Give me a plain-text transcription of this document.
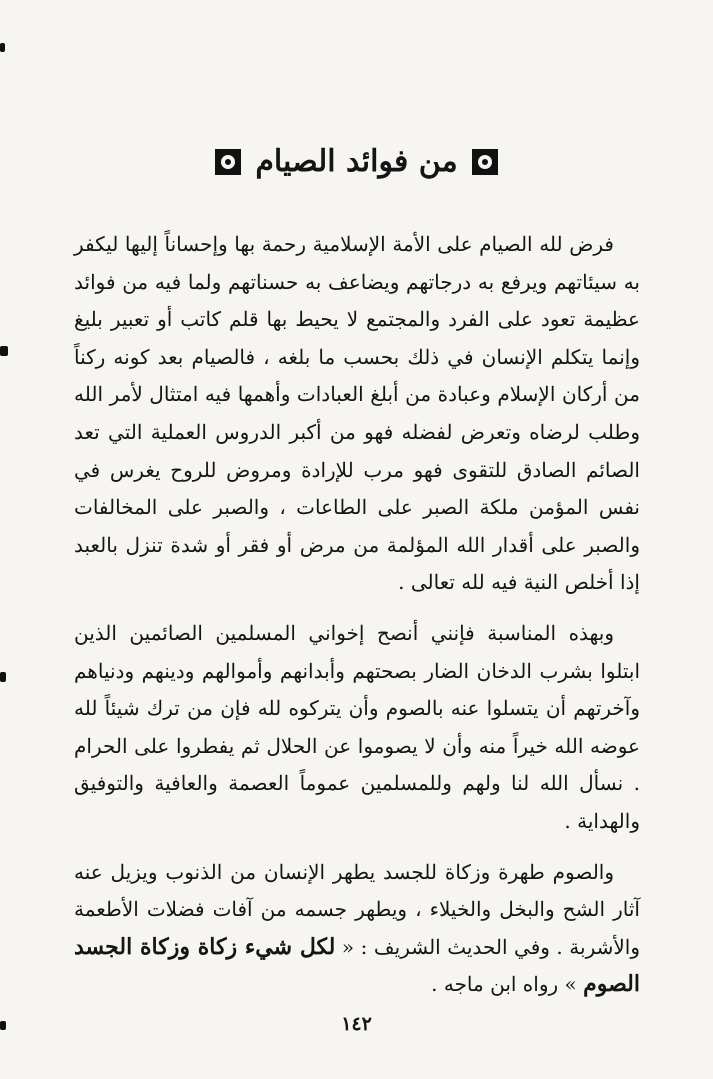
من فوائد الصيام

فرض لله الصيام على الأمة الإسلامية رحمة بها وإحساناً إليها ليكفر به سيئاتهم ويرفع به درجاتهم ويضاعف به حسناتهم ولما فيه من فوائد عظيمة تعود على الفرد والمجتمع لا يحيط بها قلم كاتب أو تعبير بليغ وإنما يتكلم الإنسان في ذلك بحسب ما بلغه ، فالصيام بعد كونه ركناً من أركان الإسلام وعبادة من أبلغ العبادات وأهمها فيه امتثال لأمر الله وطلب لرضاه وتعرض لفضله فهو من أكبر الدروس العملية التي تعد الصائم الصادق للتقوى فهو مرب للإرادة ومروض للروح يغرس في نفس المؤمن ملكة الصبر على الطاعات ، والصبر على المخالفات والصبر على أقدار الله المؤلمة من مرض أو فقر أو شدة تنزل بالعبد إذا أخلص النية فيه لله تعالى .

وبهذه المناسبة فإنني أنصح إخواني المسلمين الصائمين الذين ابتلوا بشرب الدخان الضار بصحتهم وأبدانهم وأموالهم ودينهم ودنياهم وآخرتهم أن يتسلوا عنه بالصوم وأن يتركوه لله فإن من ترك شيئاً لله عوضه الله خيراً منه وأن لا يصوموا عن الحلال ثم يفطروا على الحرام . نسأل الله لنا ولهم وللمسلمين عموماً العصمة والعافية والتوفيق والهداية .

والصوم طهرة وزكاة للجسد يطهر الإنسان من الذنوب ويزيل عنه آثار الشح والبخل والخيلاء ، ويطهر جسمه من آفات فضلات الأطعمة والأشربة . وفي الحديث الشريف : « لكل شيء زكاة وزكاة الجسد الصوم » رواه ابن ماجه .

١٤٢
